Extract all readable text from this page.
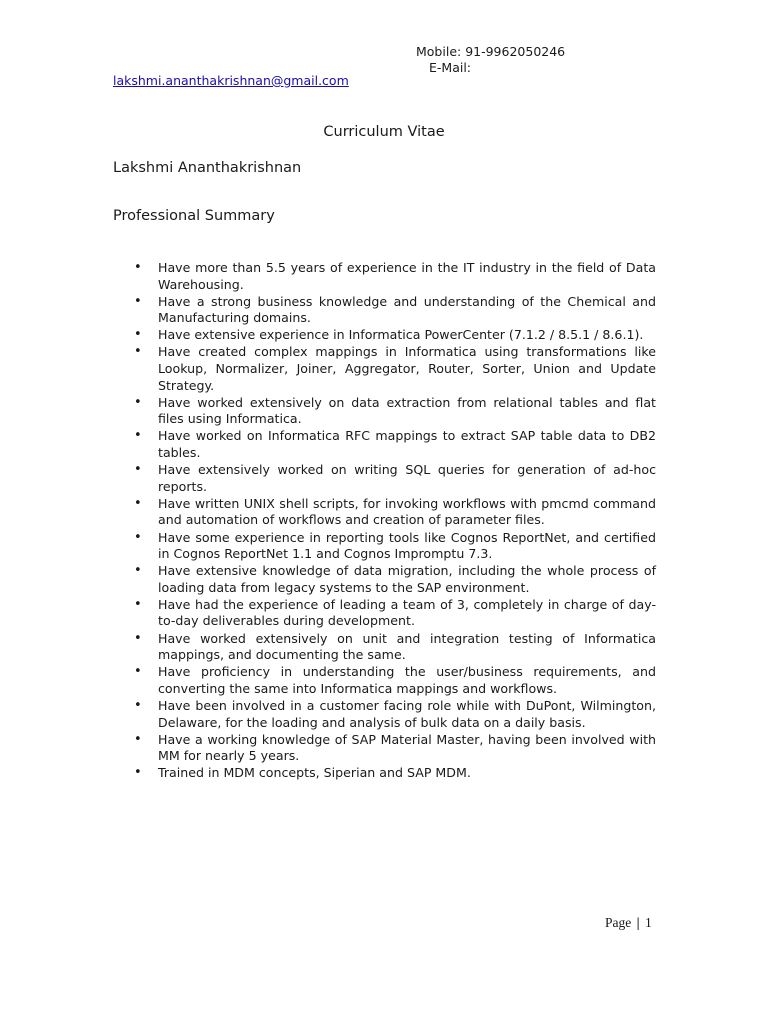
Mobile: 91-9962050246
E-Mail:
lakshmi.ananthakrishnan@gmail.com
Curriculum Vitae
Lakshmi Ananthakrishnan
Professional Summary
• Have more than 5.5 years of experience in the IT industry in the field of Data Warehousing.
• Have a strong business knowledge and understanding of the Chemical and Manufacturing domains.
• Have extensive experience in Informatica PowerCenter (7.1.2 / 8.5.1 / 8.6.1).
• Have created complex mappings in Informatica using transformations like Lookup, Normalizer, Joiner, Aggregator, Router, Sorter, Union and Update Strategy.
• Have worked extensively on data extraction from relational tables and flat files using Informatica.
• Have worked on Informatica RFC mappings to extract SAP table data to DB2 tables.
• Have extensively worked on writing SQL queries for generation of ad-hoc reports.
• Have written UNIX shell scripts, for invoking workflows with pmcmd command and automation of workflows and creation of parameter files.
• Have some experience in reporting tools like Cognos ReportNet, and certified in Cognos ReportNet 1.1 and Cognos Impromptu 7.3.
• Have extensive knowledge of data migration, including the whole process of loading data from legacy systems to the SAP environment.
• Have had the experience of leading a team of 3, completely in charge of day-to-day deliverables during development.
• Have worked extensively on unit and integration testing of Informatica mappings, and documenting the same.
• Have proficiency in understanding the user/business requirements, and converting the same into Informatica mappings and workflows.
• Have been involved in a customer facing role while with DuPont, Wilmington, Delaware, for the loading and analysis of bulk data on a daily basis.
• Have a working knowledge of SAP Material Master, having been involved with MM for nearly 5 years.
• Trained in MDM concepts, Siperian and SAP MDM.
Page | 1
